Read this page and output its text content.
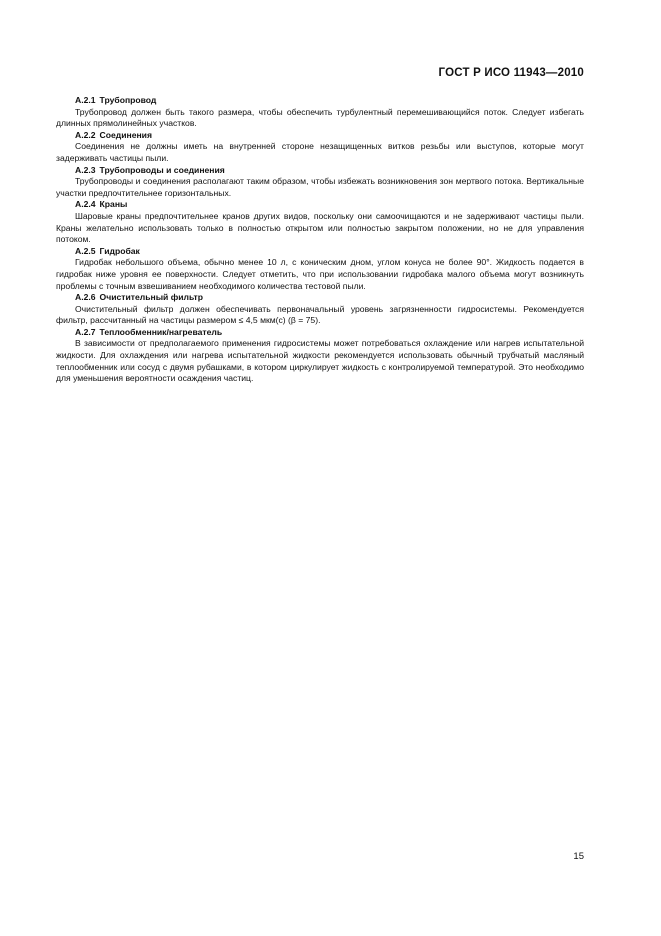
ГОСТ Р ИСО 11943—2010

А.2.1 Трубопровод

Трубопровод должен быть такого размера, чтобы обеспечить турбулентный перемешивающийся поток. Следует избегать длинных прямолинейных участков.

А.2.2 Соединения

Соединения не должны иметь на внутренней стороне незащищенных витков резьбы или выступов, которые могут задерживать частицы пыли.

А.2.3 Трубопроводы и соединения

Трубопроводы и соединения располагают таким образом, чтобы избежать возникновения зон мертвого потока. Вертикальные участки предпочтительнее горизонтальных.

А.2.4 Краны

Шаровые краны предпочтительнее кранов других видов, поскольку они самоочищаются и не задерживают частицы пыли. Краны желательно использовать только в полностью открытом или полностью закрытом положении, но не для управления потоком.

А.2.5 Гидробак

Гидробак небольшого объема, обычно менее 10 л, с коническим дном, углом конуса не более 90°. Жидкость подается в гидробак ниже уровня ее поверхности. Следует отметить, что при использовании гидробака малого объема могут возникнуть проблемы с точным взвешиванием необходимого количества тестовой пыли.

А.2.6 Очистительный фильтр

Очистительный фильтр должен обеспечивать первоначальный уровень загрязненности гидросистемы. Рекомендуется фильтр, рассчитанный на частицы размером ≤ 4,5 мкм(с) (β = 75).

А.2.7 Теплообменник/нагреватель

В зависимости от предполагаемого применения гидросистемы может потребоваться охлаждение или нагрев испытательной жидкости. Для охлаждения или нагрева испытательной жидкости рекомендуется использовать обычный трубчатый масляный теплообменник или сосуд с двумя рубашками, в котором циркулирует жидкость с контролируемой температурой. Это необходимо для уменьшения вероятности осаждения частиц.

15
